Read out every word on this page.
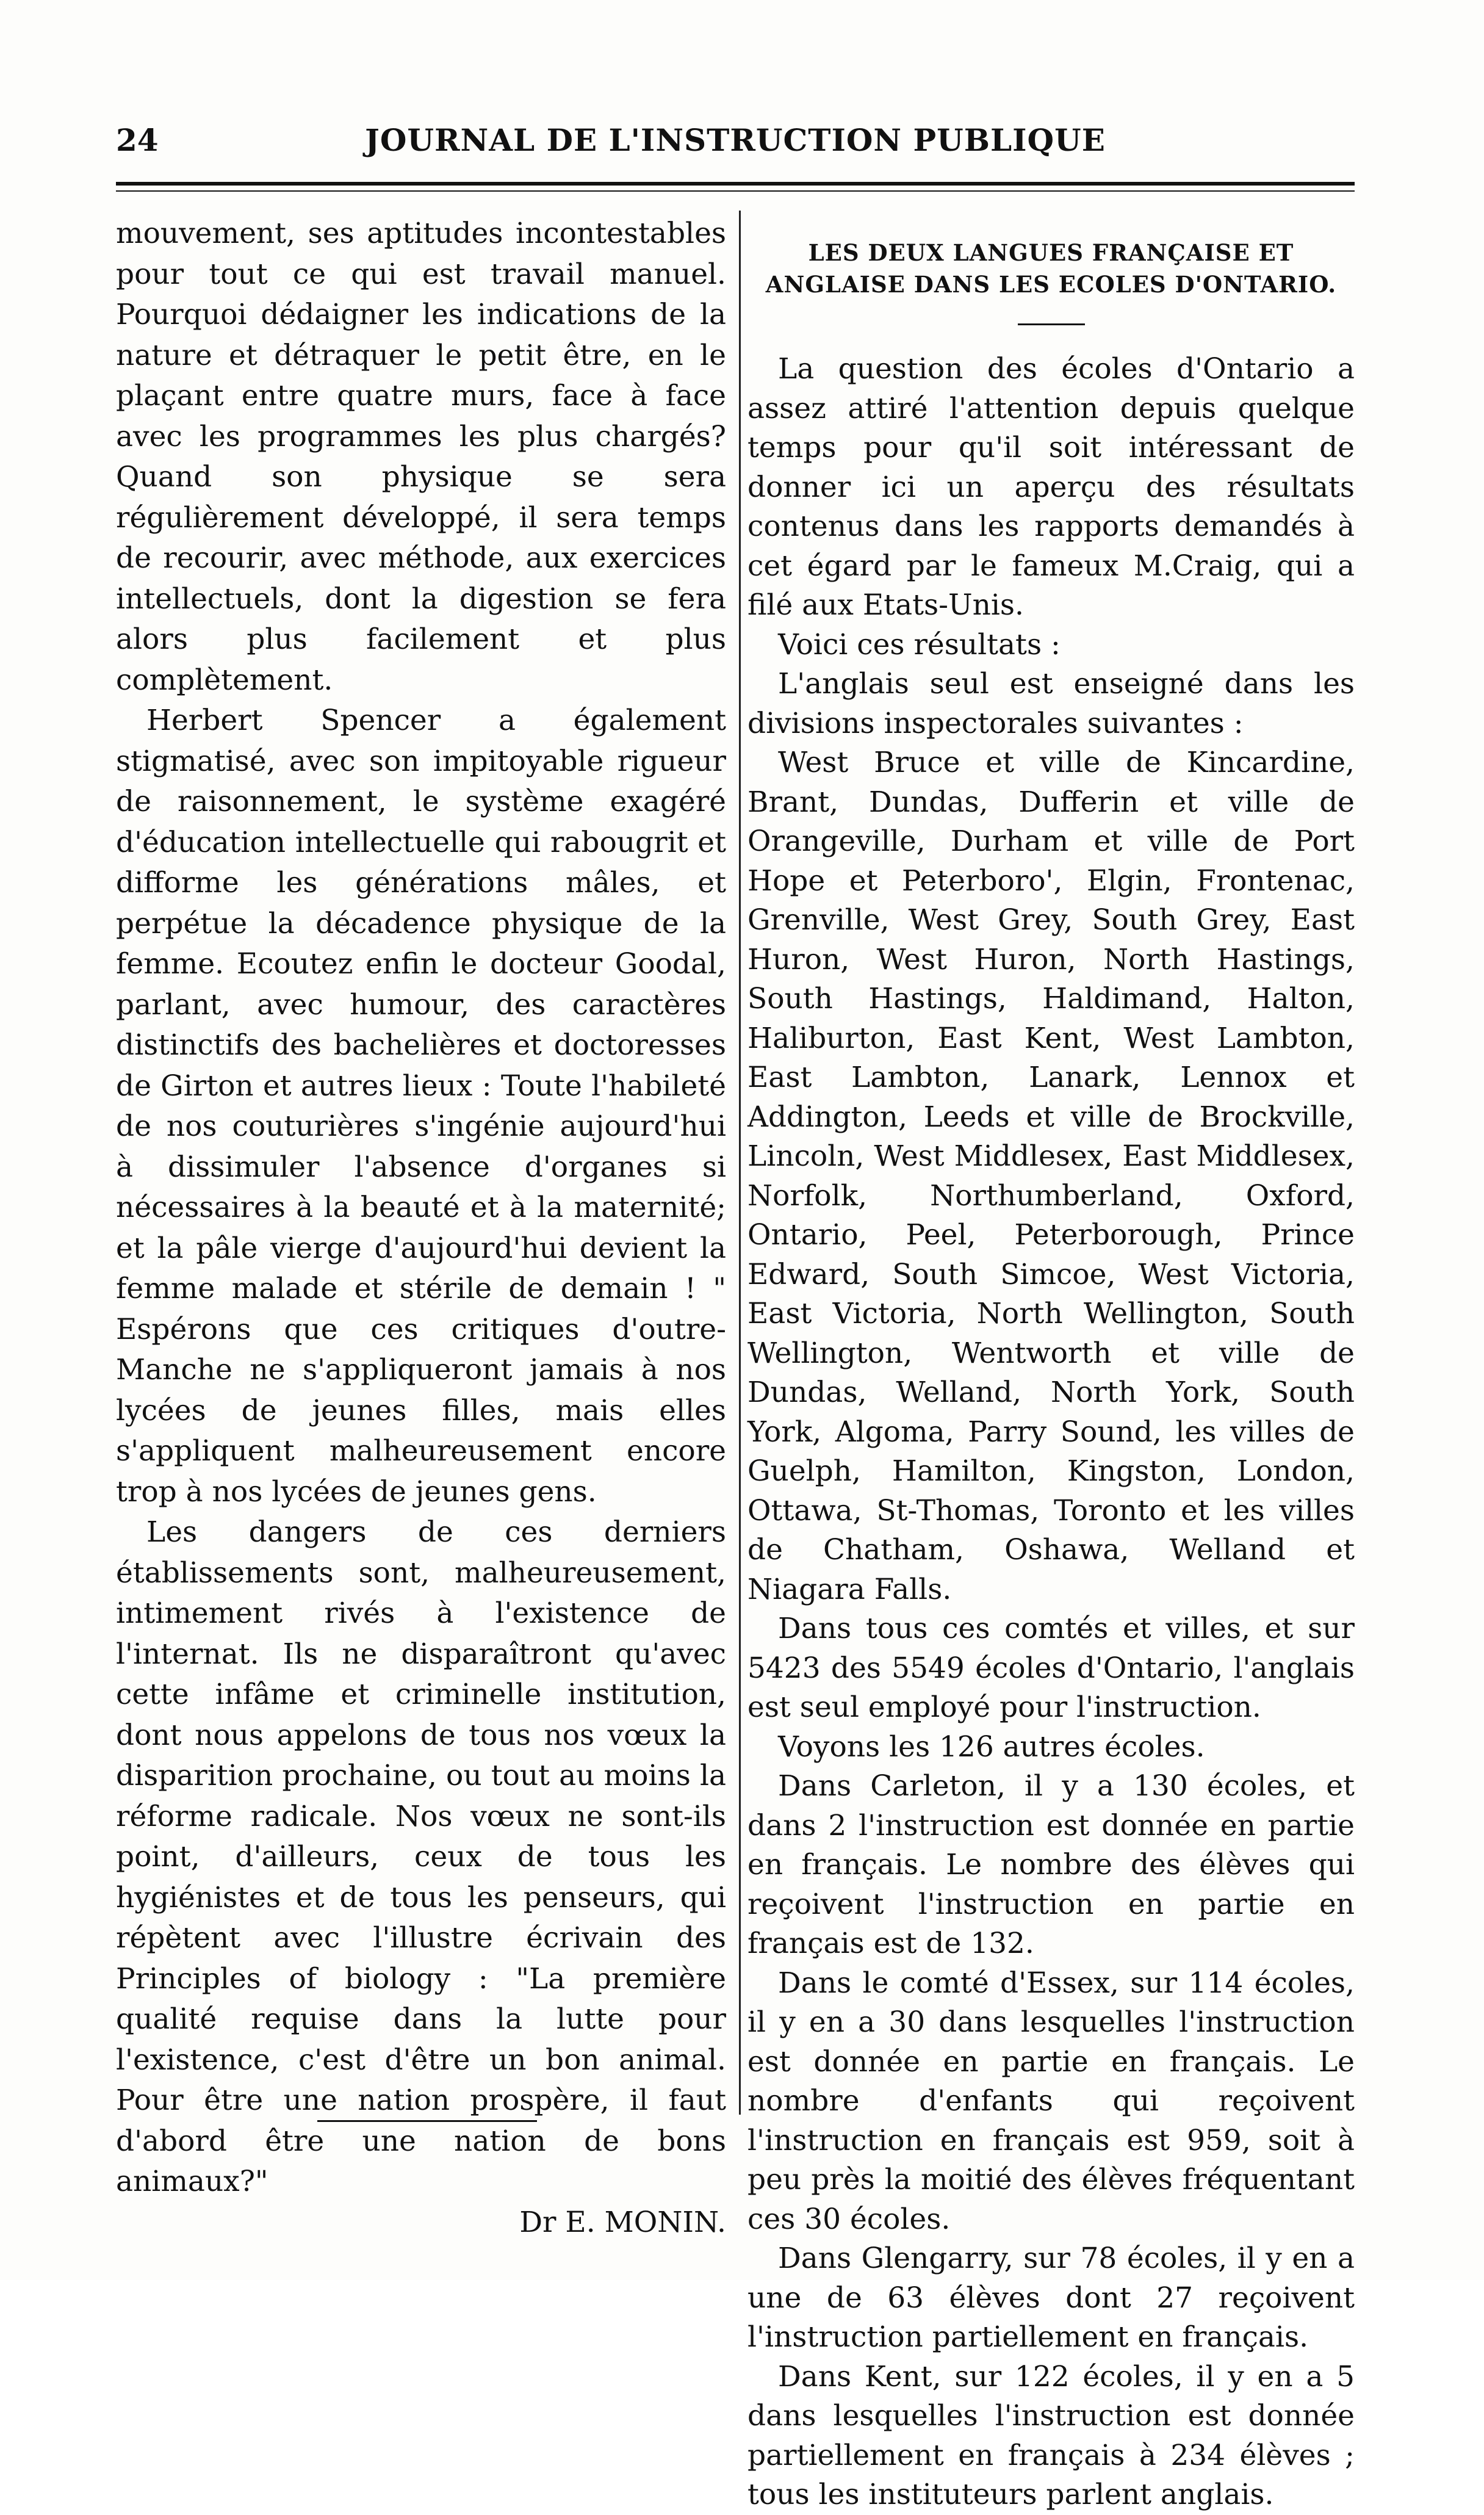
24	JOURNAL DE L'INSTRUCTION PUBLIQUE

mouvement, ses aptitudes incontestables pour tout ce qui est travail manuel. Pourquoi dédaigner les indications de la nature et détraquer le petit être, en le plaçant entre quatre murs, face à face avec les programmes les plus chargés? Quand son physique se sera régulièrement développé, il sera temps de recourir, avec méthode, aux exercices intellectuels, dont la digestion se fera alors plus facilement et plus complètement.

Herbert Spencer a également stigmatisé, avec son impitoyable rigueur de raisonnement, le système exagéré d'éducation intellectuelle qui rabougrit et difforme les générations mâles, et perpétue la décadence physique de la femme. Ecoutez enfin le docteur Goodal, parlant, avec humour, des caractères distinctifs des bachelières et doctoresses de Girton et autres lieux : Toute l'habileté de nos couturières s'ingénie aujourd'hui à dissimuler l'absence d'organes si nécessaires à la beauté et à la maternité; et la pâle vierge d'aujourd'hui devient la femme malade et stérile de demain ! " Espérons que ces critiques d'outre-Manche ne s'appliqueront jamais à nos lycées de jeunes filles, mais elles s'appliquent malheureusement encore trop à nos lycées de jeunes gens.

Les dangers de ces derniers établissements sont, malheureusement, intimement rivés à l'existence de l'internat. Ils ne disparaîtront qu'avec cette infâme et criminelle institution, dont nous appelons de tous nos vœux la disparition prochaine, ou tout au moins la réforme radicale. Nos vœux ne sont-ils point, d'ailleurs, ceux de tous les hygiénistes et de tous les penseurs, qui répètent avec l'illustre écrivain des Principles of biology : "La première qualité requise dans la lutte pour l'existence, c'est d'être un bon animal. Pour être une nation prospère, il faut d'abord être une nation de bons animaux?"

Dr E. MONIN.

LES DEUX LANGUES FRANÇAISE ET ANGLAISE DANS LES ECOLES D'ONTARIO.

La question des écoles d'Ontario a assez attiré l'attention depuis quelque temps pour qu'il soit intéressant de donner ici un aperçu des résultats contenus dans les rapports demandés à cet égard par le fameux M.Craig, qui a filé aux Etats-Unis.

Voici ces résultats :

L'anglais seul est enseigné dans les divisions inspectorales suivantes :

West Bruce et ville de Kincardine, Brant, Dundas, Dufferin et ville de Orangeville, Durham et ville de Port Hope et Peterboro', Elgin, Frontenac, Grenville, West Grey, South Grey, East Huron, West Huron, North Hastings, South Hastings, Haldimand, Halton, Haliburton, East Kent, West Lambton, East Lambton, Lanark, Lennox et Addington, Leeds et ville de Brockville, Lincoln, West Middlesex, East Middlesex, Norfolk, Northumberland, Oxford, Ontario, Peel, Peterborough, Prince Edward, South Simcoe, West Victoria, East Victoria, North Wellington, South Wellington, Wentworth et ville de Dundas, Welland, North York, South York, Algoma, Parry Sound, les villes de Guelph, Hamilton, Kingston, London, Ottawa, St-Thomas, Toronto et les villes de Chatham, Oshawa, Welland et Niagara Falls.

Dans tous ces comtés et villes, et sur 5423 des 5549 écoles d'Ontario, l'anglais est seul employé pour l'instruction.

Voyons les 126 autres écoles.

Dans Carleton, il y a 130 écoles, et dans 2 l'instruction est donnée en partie en français. Le nombre des élèves qui reçoivent l'instruction en partie en français est de 132.

Dans le comté d'Essex, sur 114 écoles, il y en a 30 dans lesquelles l'instruction est donnée en partie en français. Le nombre d'enfants qui reçoivent l'instruction en français est 959, soit à peu près la moitié des élèves fréquentant ces 30 écoles.

Dans Glengarry, sur 78 écoles, il y en a une de 63 élèves dont 27 reçoivent l'instruction partiellement en français.

Dans Kent, sur 122 écoles, il y en a 5 dans lesquelles l'instruction est donnée partiellement en français à 234 élèves ; tous les instituteurs parlent anglais.
